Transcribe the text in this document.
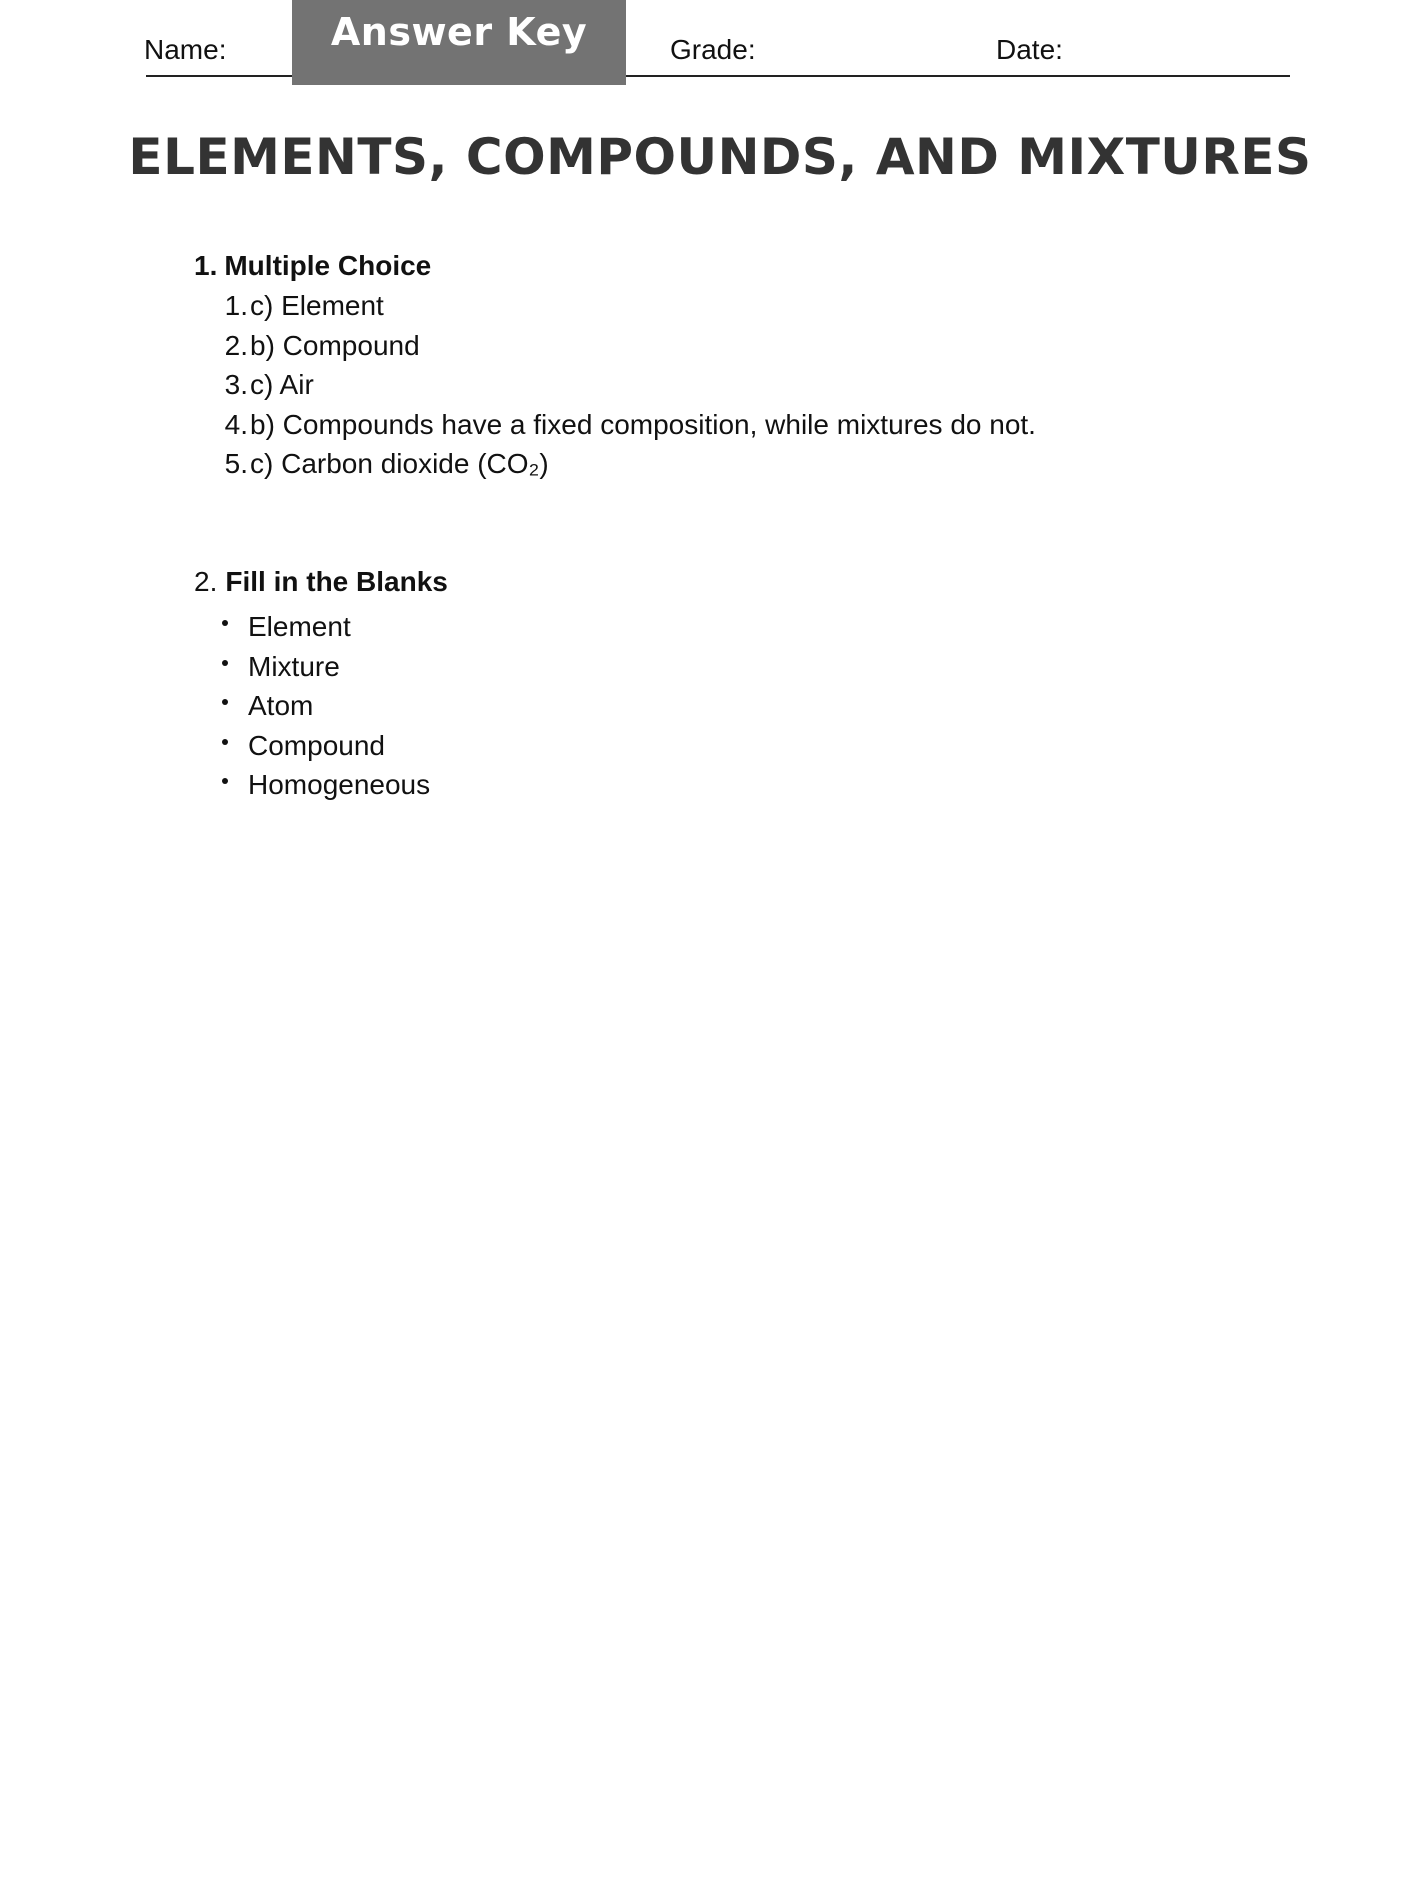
Name:	Answer Key	Grade:	Date:
ELEMENTS, COMPOUNDS, AND MIXTURES
1. Multiple Choice
1. c) Element
2. b) Compound
3. c) Air
4. b) Compounds have a fixed composition, while mixtures do not.
5. c) Carbon dioxide (CO₂)
2. Fill in the Blanks
Element
Mixture
Atom
Compound
Homogeneous
